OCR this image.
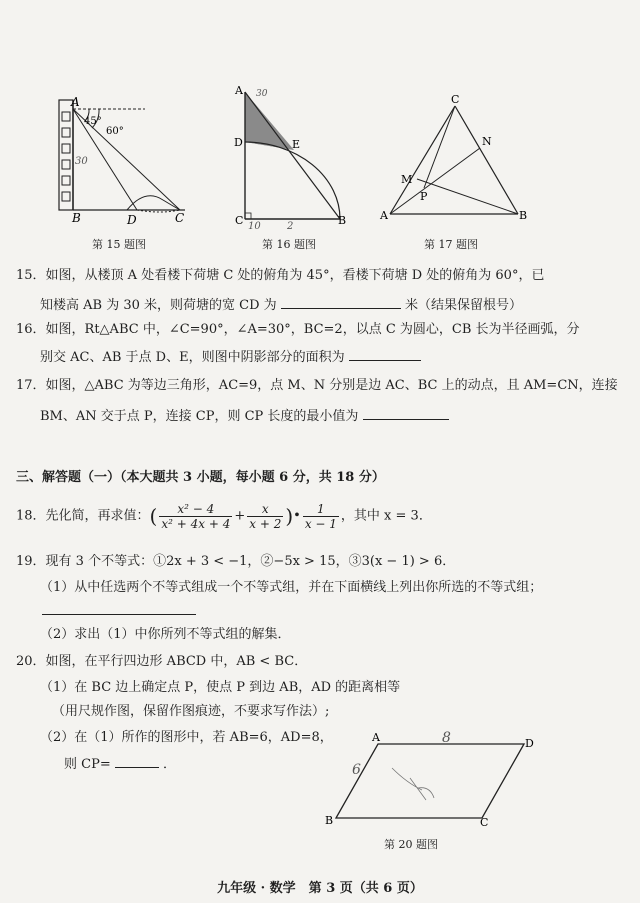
A
B	D	C
45°
60°
30
第 15 题图
A
D	E
C	B
30
10	2
第 16 题图
C
N
M
P
A	B
第 17 题图
15．如图，从楼顶 A 处看楼下荷塘 C 处的俯角为 45°，看楼下荷塘 D 处的俯角为 60°，已
知楼高 AB 为 30 米，则荷塘的宽 CD 为	米（结果保留根号）
16．如图，Rt△ABC 中，∠C=90°，∠A=30°，BC=2，以点 C 为圆心，CB 长为半径画弧，分
别交 AC、AB 于点 D、E，则图中阴影部分的面积为
17．如图，△ABC 为等边三角形，AC=9，点 M、N 分别是边 AC、BC 上的动点，且 AM=CN，连接
BM、AN 交于点 P，连接 CP，则 CP 长度的最小值为
三、解答题（一）（本大题共 3 小题，每小题 6 分，共 18 分）
18．先化简，再求值：( $\frac{\text{x² − 4}}{\text{x² + 4x + 4}} + \frac{x}{x + 2}$ )• $\frac{1}{x - 1}$ ，其中 x = 3．
19．现有 3 个不等式：①2x + 3 < −1，②−5x > 15，③3(x − 1) > 6．
（1）从中任选两个不等式组成一个不等式组，并在下面横线上列出你所选的不等式组；
（2）求出（1）中你所列不等式组的解集．
20．如图，在平行四边形 ABCD 中，AB < BC．
（1）在 BC 边上确定点 P，使点 P 到边 AB，AD 的距离相等
（用尺规作图，保留作图痕迹，不要求写作法）;
（2）在（1）所作的图形中，若 AB=6，AD=8，
则 CP=	．
A	D
B	C
8
6
第 20 题图
九年级 · 数学　第 3 页（共 6 页）
